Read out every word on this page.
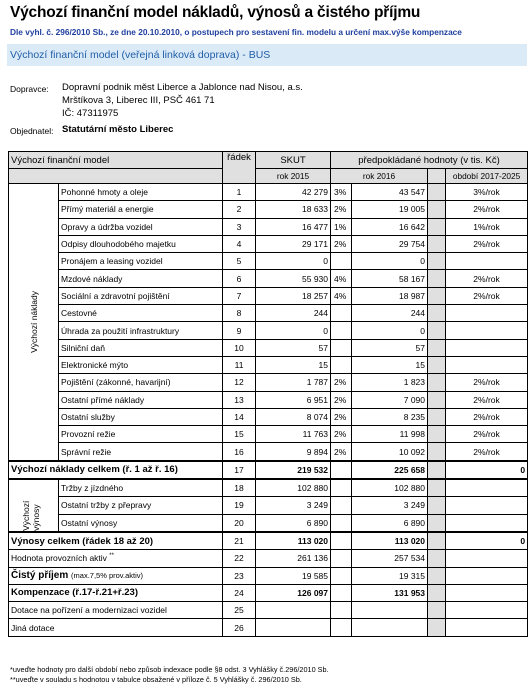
Výchozí finanční model nákladů, výnosů a čistého příjmu
Dle vyhl. č. 296/2010 Sb., ze dne 20.10.2010, o postupech pro sestavení fin. modelu a určení max.výše kompenzace
Výchozí finanční model (veřejná linková doprava) - BUS
Dopravce: Dopravní podnik měst Liberce a Jablonce nad Nisou, a.s.
Mrštíkova 3, Liberec III, PSČ 461 71
IČ: 47311975
Objednatel: Statutární město Liberec
Výchozí finanční model		řádek	SKUT	předpokládané hodnoty (v tis. Kč)			
			rok 2015	rok 2016			období 2017-2025

Výchozí náklady	Pohonné hmoty a oleje	1	42 279	3%	43 547		3%/rok
	Přímý materiál a energie	2	18 633	2%	19 005		2%/rok
	Opravy a údržba vozidel	3	16 477	1%	16 642		1%/rok
	Odpisy dlouhodobého majetku	4	29 171	2%	29 754		2%/rok
	Pronájem a leasing vozidel	5	0		0		
	Mzdové náklady	6	55 930	4%	58 167		2%/rok
	Sociální a zdravotní pojištění	7	18 257	4%	18 987		2%/rok
	Cestovné	8	244		244		
	Úhrada za použití infrastruktury	9	0		0		
	Silniční daň	10	57		57		
	Elektronické mýto	11	15		15		
	Pojištění (zákonné, havarijní)	12	1 787	2%	1 823		2%/rok
	Ostatní přímé náklady	13	6 951	2%	7 090		2%/rok
	Ostatní služby	14	8 074	2%	8 235		2%/rok
	Provozní režie	15	11 763	2%	11 998		2%/rok
	Správní režie	16	9 894	2%	10 092		2%/rok
Výchozí náklady celkem (ř. 1 až ř. 16)		17	219 532		225 658		0

Výchozí výnosy	Tržby z jízdného	18	102 880		102 880		
	Ostatní tržby z přepravy	19	3 249		3 249		
	Ostatní výnosy	20	6 890		6 890		
Výnosy celkem (řádek 18 až 20)		21	113 020		113 020		0
Hodnota provozních aktiv **		22	261 136		257 534		
Čistý příjem (max.7,5% prov.aktiv)		23	19 585		19 315		
Kompenzace (ř.17-ř.21+ř.23)		24	126 097		131 953		
Dotace na pořízení a modernizaci vozidel		25					
Jiná dotace		26					
*uveďte hodnoty pro další období nebo způsob indexace podle §8 odst. 3 Vyhlášky č.296/2010 Sb.
**uveďte v souladu s hodnotou v tabulce obsažené v příloze č. 5 Vyhlášky č. 296/2010 Sb.
